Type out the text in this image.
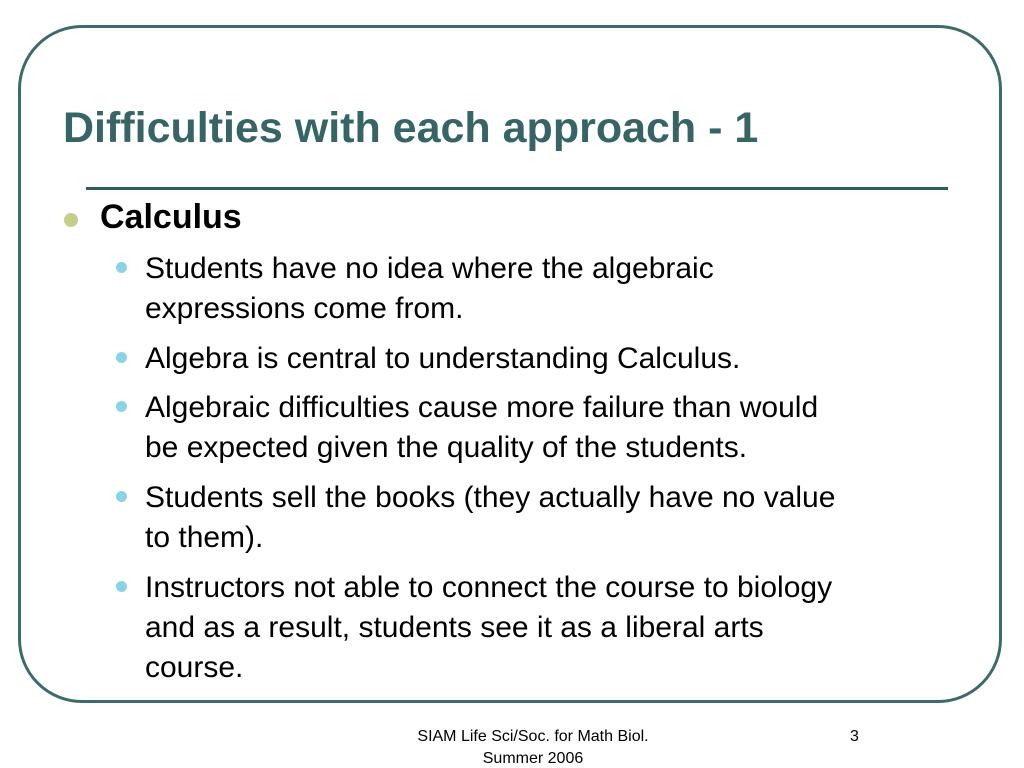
Difficulties with each approach - 1
Calculus
Students have no idea where the algebraic
expressions come from.
Algebra is central to understanding Calculus.
Algebraic difficulties cause more failure than would
be expected given the quality of the students.
Students sell the books (they actually have no value
to them).
Instructors not able to connect the course to biology
and as a result, students see it as a liberal arts
course.
SIAM Life Sci/Soc. for Math Biol.
Summer 2006
3
